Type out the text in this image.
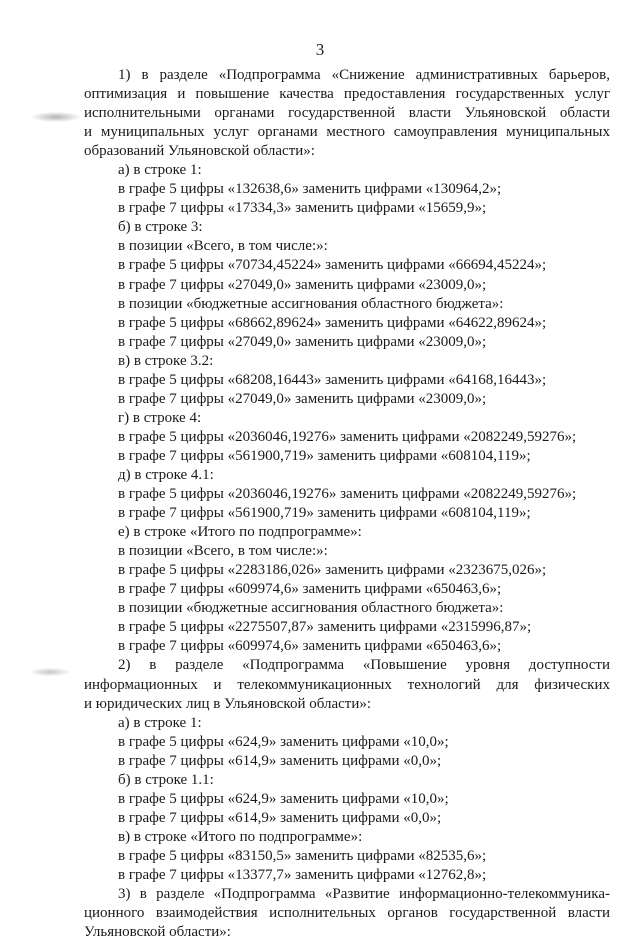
3
1) в разделе «Подпрограмма «Снижение административных барьеров,
оптимизация и повышение качества предоставления государственных услуг
исполнительными органами государственной власти Ульяновской области
и муниципальных услуг органами местного самоуправления муниципальных
образований Ульяновской области»:
а) в строке 1:
в графе 5 цифры «132638,6» заменить цифрами «130964,2»;
в графе 7 цифры «17334,3» заменить цифрами «15659,9»;
б) в строке 3:
в позиции «Всего, в том числе:»:
в графе 5 цифры «70734,45224» заменить цифрами «66694,45224»;
в графе 7 цифры «27049,0» заменить цифрами «23009,0»;
в позиции «бюджетные ассигнования областного бюджета»:
в графе 5 цифры «68662,89624» заменить цифрами «64622,89624»;
в графе 7 цифры «27049,0» заменить цифрами «23009,0»;
в) в строке 3.2:
в графе 5 цифры «68208,16443» заменить цифрами «64168,16443»;
в графе 7 цифры «27049,0» заменить цифрами «23009,0»;
г) в строке 4:
в графе 5 цифры «2036046,19276» заменить цифрами «2082249,59276»;
в графе 7 цифры «561900,719» заменить цифрами «608104,119»;
д) в строке 4.1:
в графе 5 цифры «2036046,19276» заменить цифрами «2082249,59276»;
в графе 7 цифры «561900,719» заменить цифрами «608104,119»;
е) в строке «Итого по подпрограмме»:
в позиции «Всего, в том числе:»:
в графе 5 цифры «2283186,026» заменить цифрами «2323675,026»;
в графе 7 цифры «609974,6» заменить цифрами «650463,6»;
в позиции «бюджетные ассигнования областного бюджета»:
в графе 5 цифры «2275507,87» заменить цифрами «2315996,87»;
в графе 7 цифры «609974,6» заменить цифрами «650463,6»;
2) в разделе «Подпрограмма «Повышение уровня доступности
информационных и телекоммуникационных технологий для физических
и юридических лиц в Ульяновской области»:
а) в строке 1:
в графе 5 цифры «624,9» заменить цифрами «10,0»;
в графе 7 цифры «614,9» заменить цифрами «0,0»;
б) в строке 1.1:
в графе 5 цифры «624,9» заменить цифрами «10,0»;
в графе 7 цифры «614,9» заменить цифрами «0,0»;
в) в строке «Итого по подпрограмме»:
в графе 5 цифры «83150,5» заменить цифрами «82535,6»;
в графе 7 цифры «13377,7» заменить цифрами «12762,8»;
3) в разделе «Подпрограмма «Развитие информационно-телекоммуника-
ционного взаимодействия исполнительных органов государственной власти
Ульяновской области»:
